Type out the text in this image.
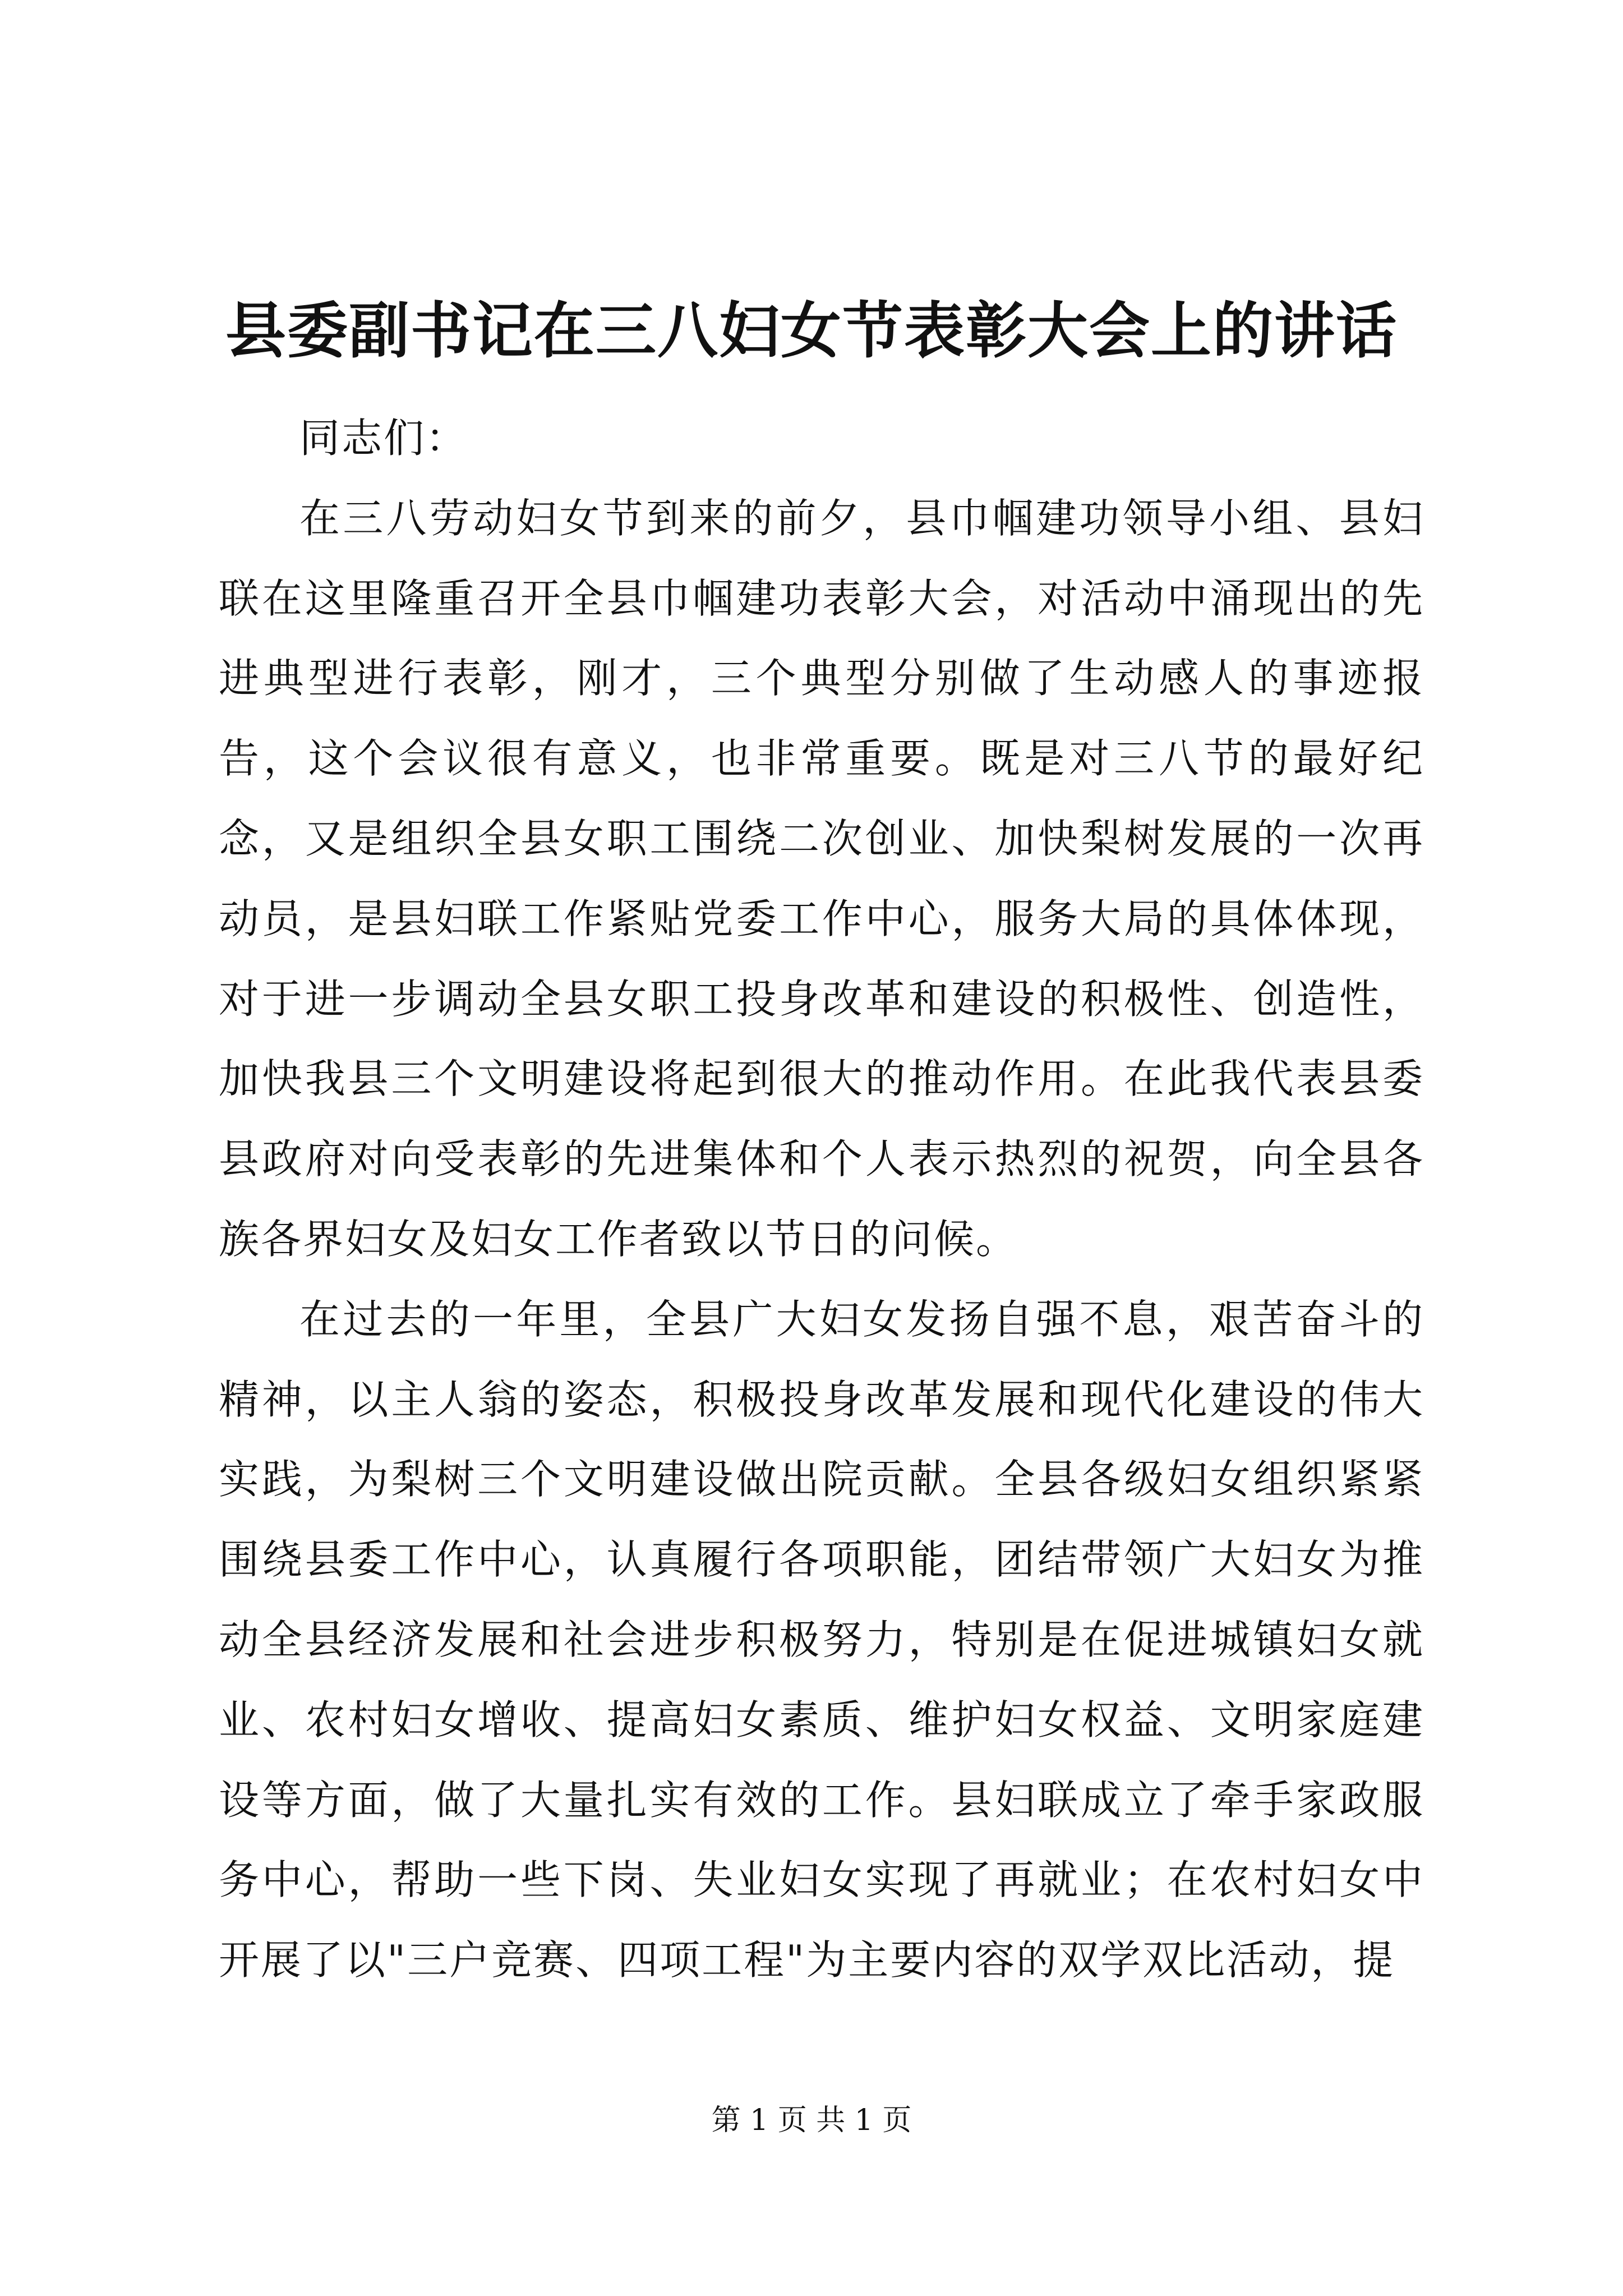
县委副书记在三八妇女节表彰大会上的讲话

同志们：

在三八劳动妇女节到来的前夕，县巾帼建功领导小组、县妇联在这里隆重召开全县巾帼建功表彰大会，对活动中涌现出的先进典型进行表彰，刚才，三个典型分别做了生动感人的事迹报告，这个会议很有意义，也非常重要。既是对三八节的最好纪念，又是组织全县女职工围绕二次创业、加快梨树发展的一次再动员，是县妇联工作紧贴党委工作中心，服务大局的具体体现，对于进一步调动全县女职工投身改革和建设的积极性、创造性，加快我县三个文明建设将起到很大的推动作用。在此我代表县委县政府对向受表彰的先进集体和个人表示热烈的祝贺，向全县各族各界妇女及妇女工作者致以节日的问候。

在过去的一年里，全县广大妇女发扬自强不息，艰苦奋斗的精神，以主人翁的姿态，积极投身改革发展和现代化建设的伟大实践，为梨树三个文明建设做出院贡献。全县各级妇女组织紧紧围绕县委工作中心，认真履行各项职能，团结带领广大妇女为推动全县经济发展和社会进步积极努力，特别是在促进城镇妇女就业、农村妇女增收、提高妇女素质、维护妇女权益、文明家庭建设等方面，做了大量扎实有效的工作。县妇联成立了牵手家政服务中心，帮助一些下岗、失业妇女实现了再就业；在农村妇女中开展了以"三户竞赛、四项工程"为主要内容的双学双比活动，提

第 1 页 共 1 页
